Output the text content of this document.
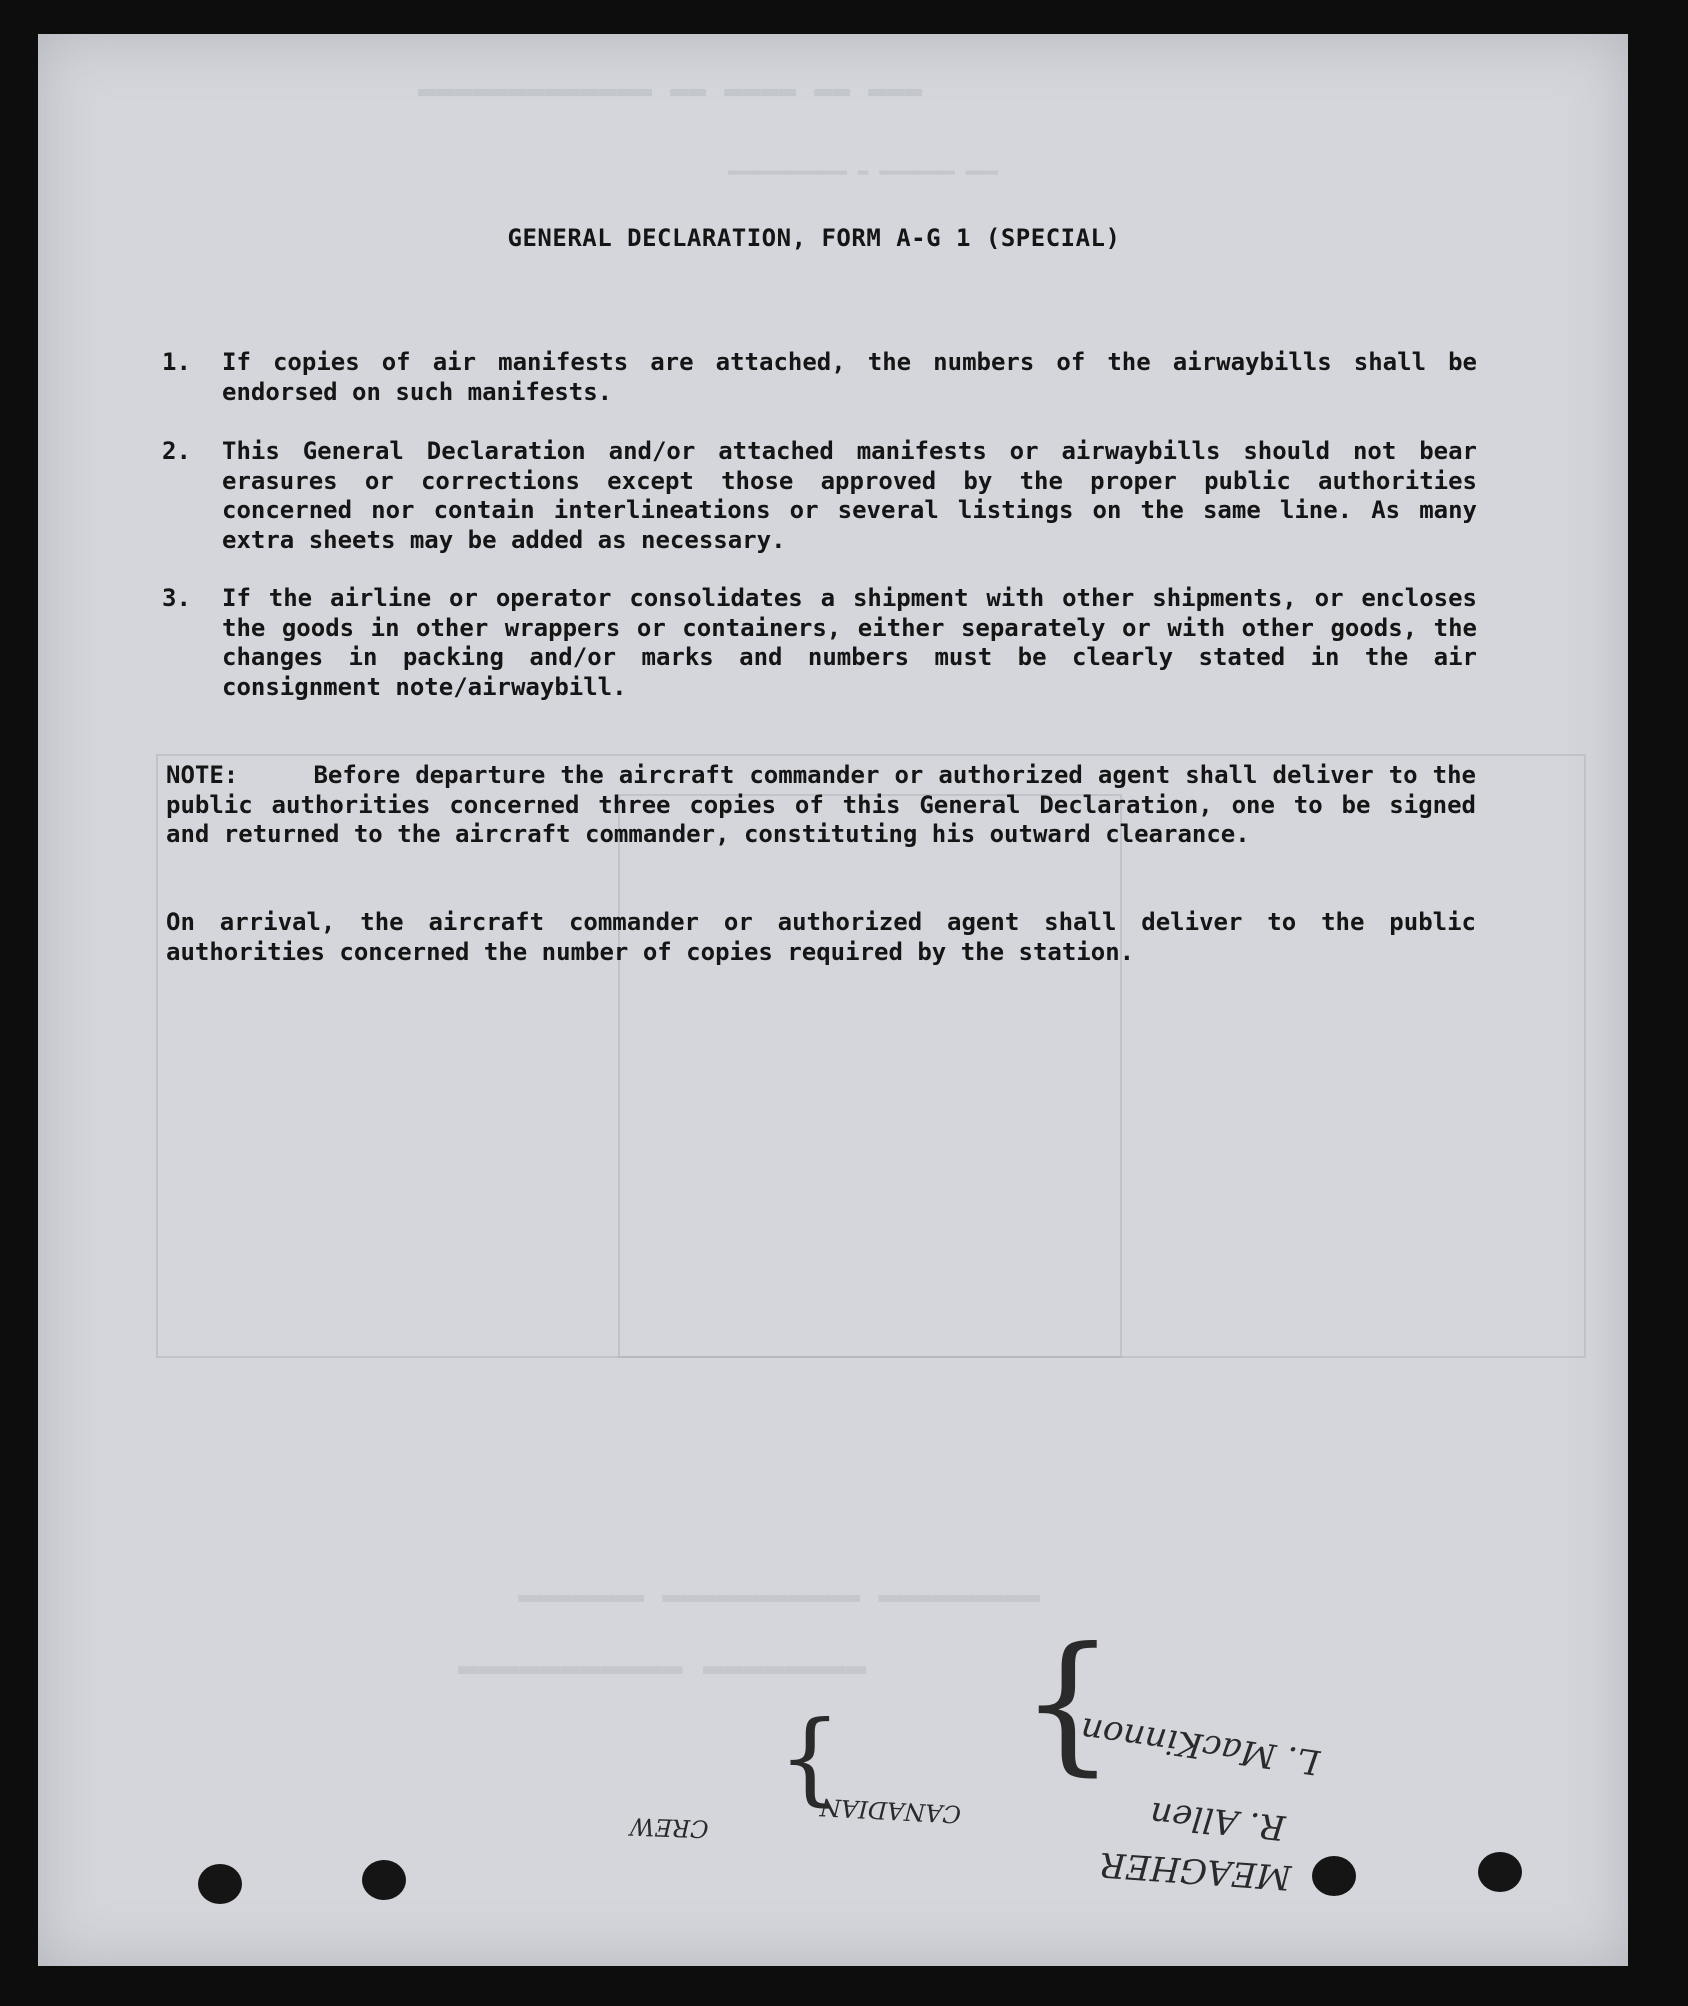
▬▬▬ ▬▬ ▬▬▬▬ ▬▬ ▬▬▬▬▬▬▬▬▬▬▬▬▬
▬▬▬ ▬▬▬▬▬▬▬ ▬ ▬▬▬▬▬▬▬▬▬▬▬
▬▬▬▬▬▬▬▬▬ ▬▬▬▬▬▬▬▬▬▬▬ ▬▬▬▬▬▬▬
▬▬▬▬▬▬▬▬ ▬▬▬▬▬▬▬▬▬▬▬
GENERAL DECLARATION, FORM A-G 1 (SPECIAL)
1. If copies of air manifests are attached, the numbers of the airwaybills shall be endorsed on such manifests.
2. This General Declaration and/or attached manifests or airwaybills should not bear erasures or corrections except those approved by the proper public authorities concerned nor contain interlineations or several listings on the same line. As many extra sheets may be added as necessary.
3. If the airline or operator consolidates a shipment with other shipments, or encloses the goods in other wrappers or containers, either separately or with other goods, the changes in packing and/or marks and numbers must be clearly stated in the air consignment note/airwaybill.
NOTE:     Before departure the aircraft commander or authorized agent shall deliver to the public authorities concerned three copies of this General Declaration, one to be signed and returned to the aircraft commander, constituting his outward clearance.
On arrival, the aircraft commander or authorized agent shall deliver to the public authorities concerned the number of copies required by the station.
L. MacKinnon
R. Allen
MEAGHER
}
CANADIAN
}
CREW
